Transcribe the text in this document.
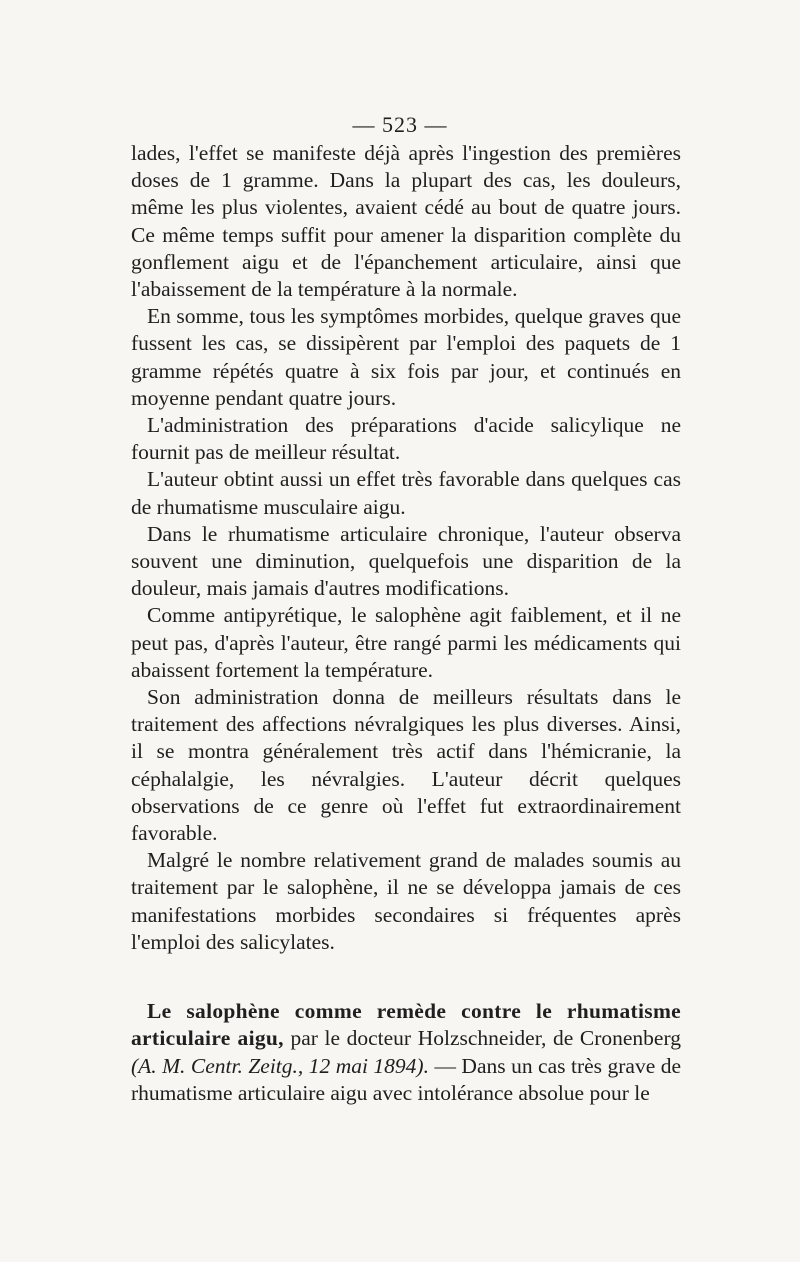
— 523 —

lades, l'effet se manifeste déjà après l'ingestion des premières doses de 1 gramme. Dans la plupart des cas, les douleurs, même les plus violentes, avaient cédé au bout de quatre jours. Ce même temps suffit pour amener la disparition complète du gonflement aigu et de l'épanchement articulaire, ainsi que l'abaissement de la température à la normale.

En somme, tous les symptômes morbides, quelque graves que fussent les cas, se dissipèrent par l'emploi des paquets de 1 gramme répétés quatre à six fois par jour, et continués en moyenne pendant quatre jours.

L'administration des préparations d'acide salicylique ne fournit pas de meilleur résultat.

L'auteur obtint aussi un effet très favorable dans quelques cas de rhumatisme musculaire aigu.

Dans le rhumatisme articulaire chronique, l'auteur observa souvent une diminution, quelquefois une disparition de la douleur, mais jamais d'autres modifications.

Comme antipyrétique, le salophène agit faiblement, et il ne peut pas, d'après l'auteur, être rangé parmi les médicaments qui abaissent fortement la température.

Son administration donna de meilleurs résultats dans le traitement des affections névralgiques les plus diverses. Ainsi, il se montra généralement très actif dans l'hémicranie, la céphalalgie, les névralgies. L'auteur décrit quelques observations de ce genre où l'effet fut extraordinairement favorable.

Malgré le nombre relativement grand de malades soumis au traitement par le salophène, il ne se développa jamais de ces manifestations morbides secondaires si fréquentes après l'emploi des salicylates.

Le salophène comme remède contre le rhumatisme articulaire aigu, par le docteur Holzschneider, de Cronenberg (A. M. Centr. Zeitg., 12 mai 1894). — Dans un cas très grave de rhumatisme articulaire aigu avec intolérance absolue pour le
